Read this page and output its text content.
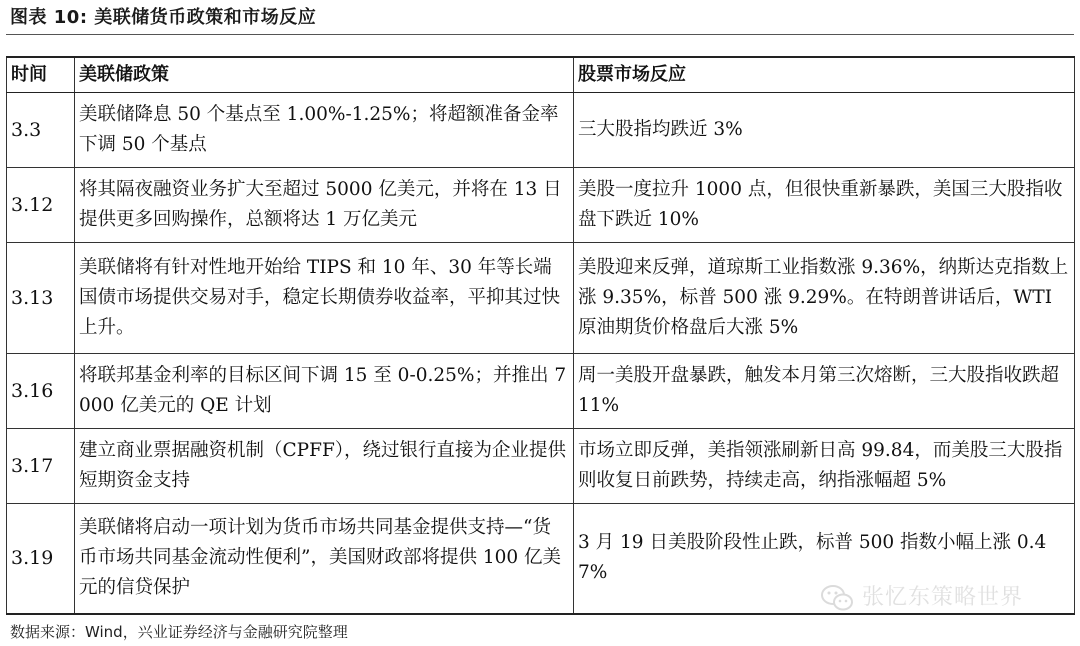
图表 10: 美联储货币政策和市场反应
时间	美联储政策	股票市场反应
3.3	美联储降息 50 个基点至 1.00%-1.25%；将超额准备金率下调 50 个基点	三大股指均跌近 3%
3.12	将其隔夜融资业务扩大至超过 5000 亿美元，并将在 13 日提供更多回购操作，总额将达 1 万亿美元	美股一度拉升 1000 点，但很快重新暴跌，美国三大股指收盘下跌近 10%
3.13	美联储将有针对性地开始给 TIPS 和 10 年、30 年等长端国债市场提供交易对手，稳定长期债券收益率，平抑其过快上升。	美股迎来反弹，道琼斯工业指数涨 9.36%，纳斯达克指数上涨 9.35%，标普 500 涨 9.29%。在特朗普讲话后，WTI 原油期货价格盘后大涨 5%
3.16	将联邦基金利率的目标区间下调 15 至 0-0.25%；并推出 7000 亿美元的 QE 计划	周一美股开盘暴跌，触发本月第三次熔断，三大股指收跌超 11%
3.17	建立商业票据融资机制（CPFF），绕过银行直接为企业提供短期资金支持	市场立即反弹，美指领涨刷新日高 99.84，而美股三大股指则收复日前跌势，持续走高，纳指涨幅超 5%
3.19	美联储将启动一项计划为货币市场共同基金提供支持—“货币市场共同基金流动性便利”，美国财政部将提供 100 亿美元的信贷保护	3 月 19 日美股阶段性止跌，标普 500 指数小幅上涨 0.47%
张忆东策略世界
数据来源：Wind，兴业证券经济与金融研究院整理
